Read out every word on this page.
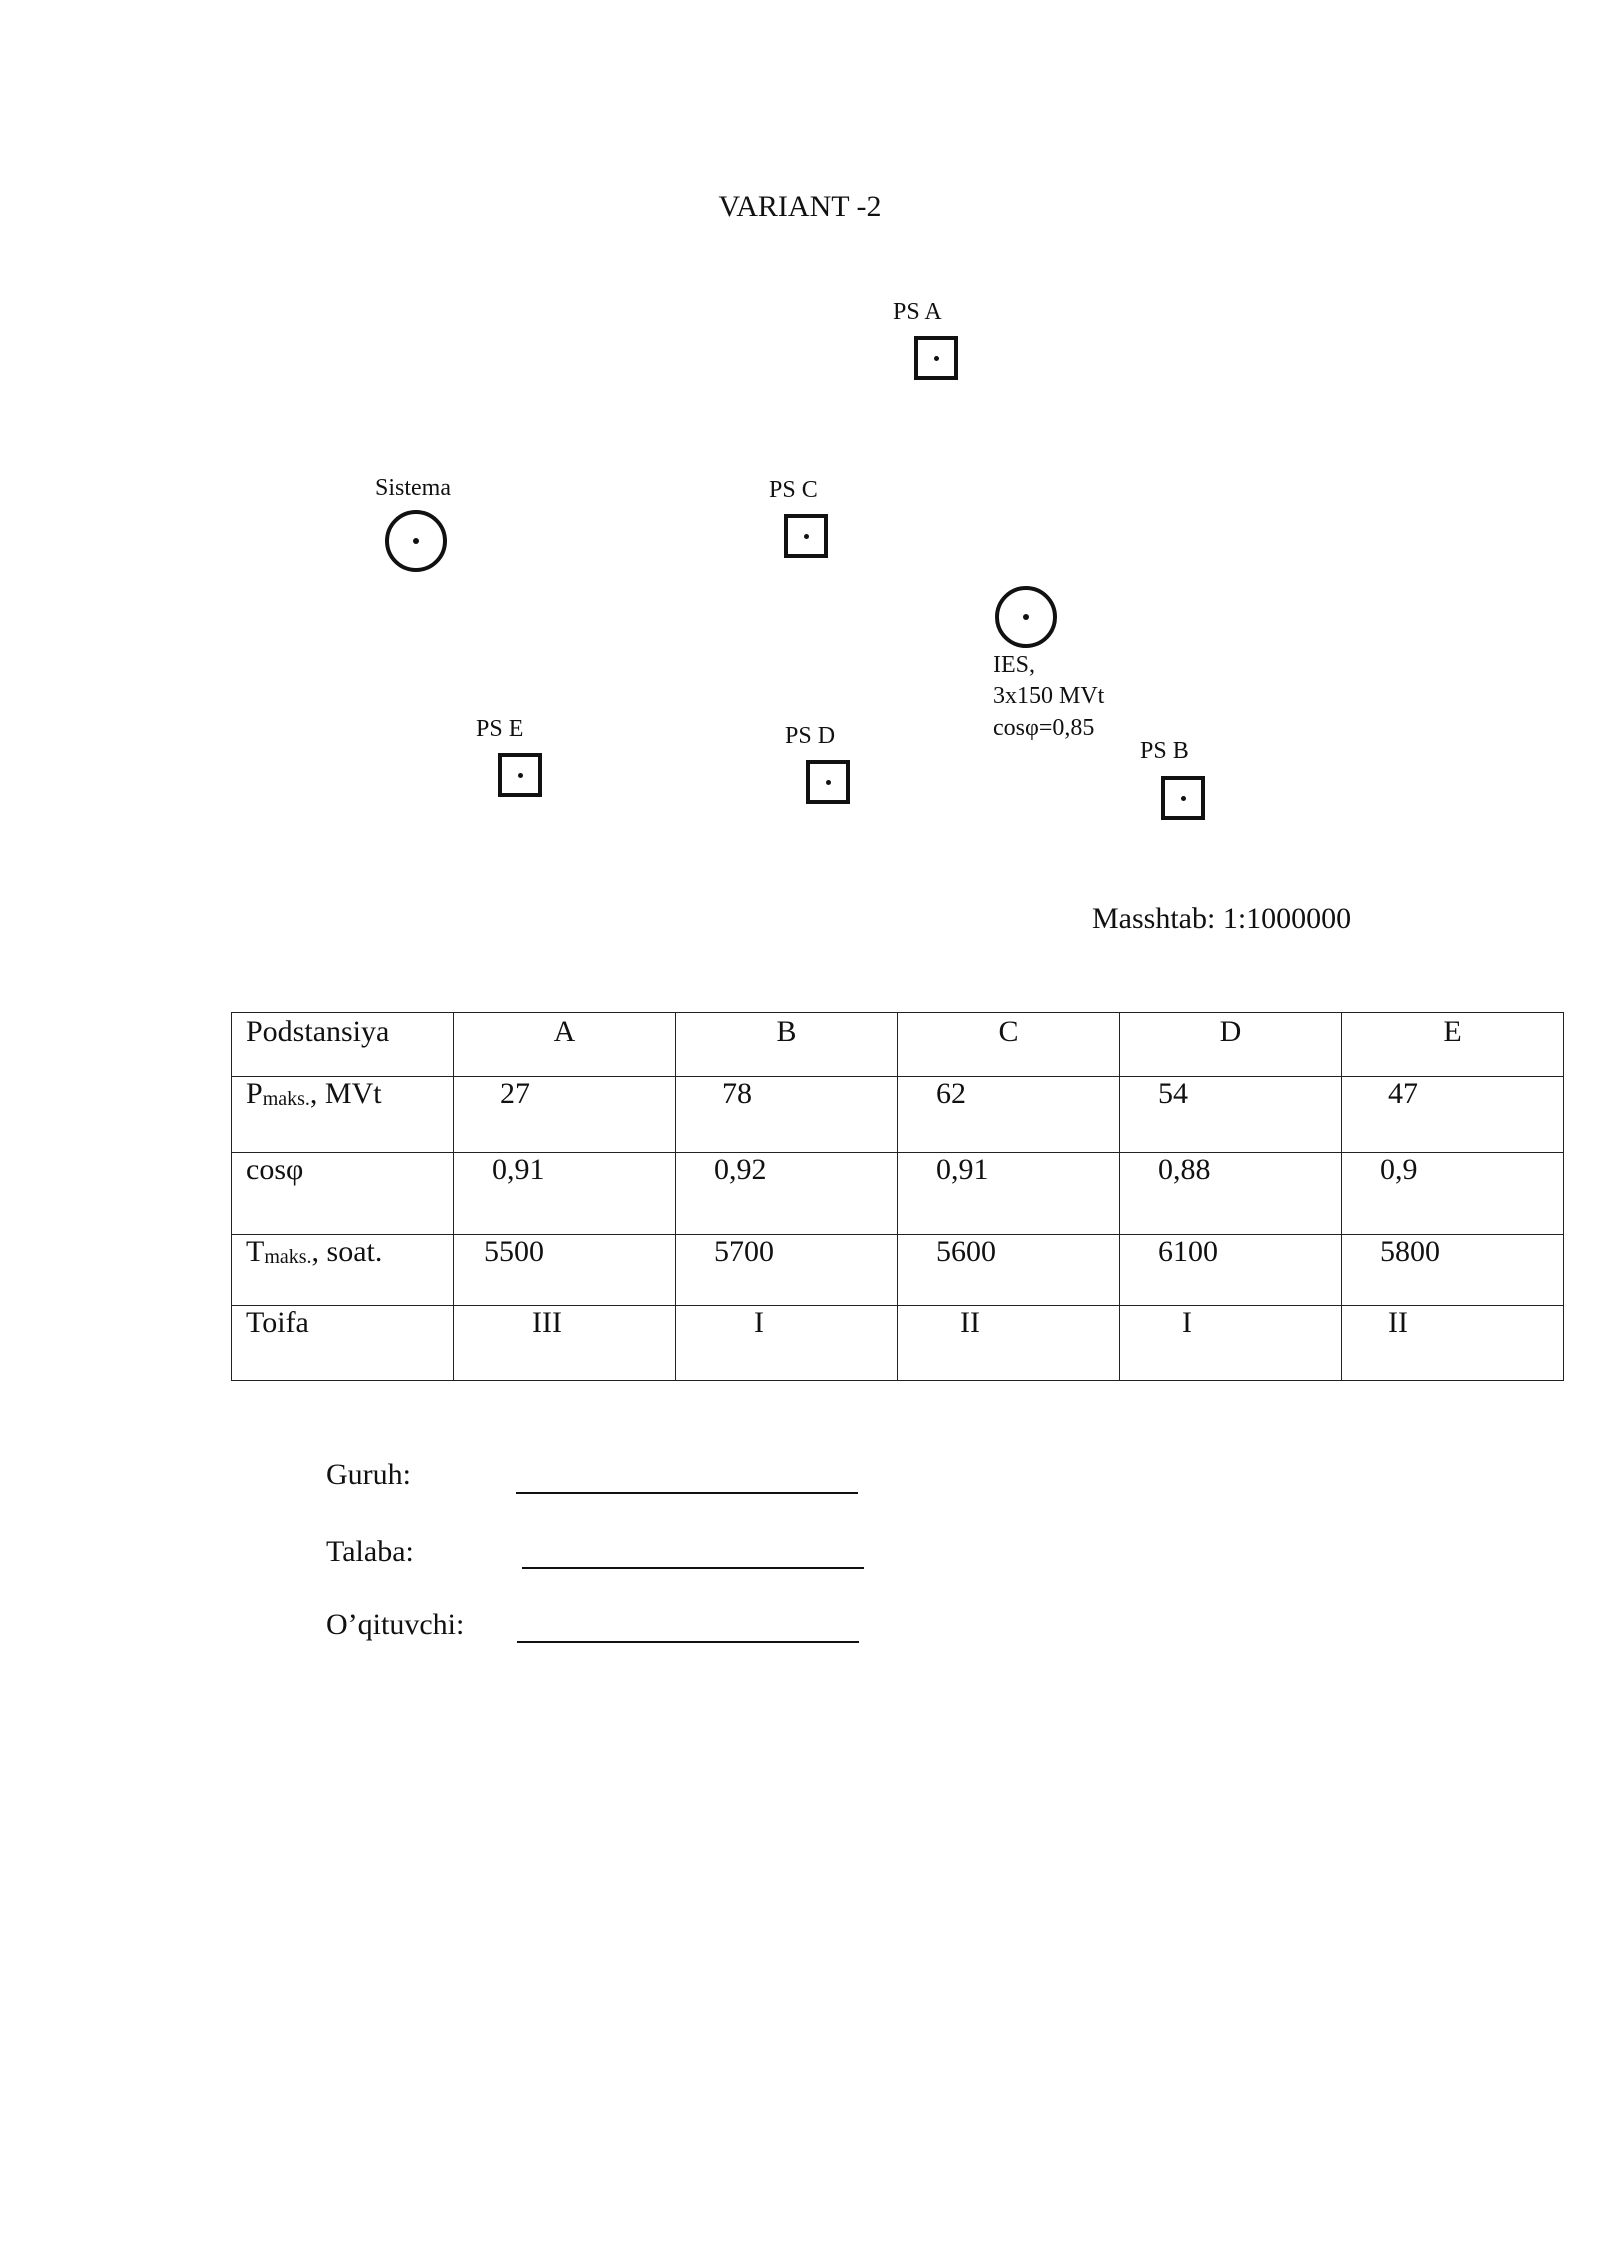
VARIANT -2
PS A
Sistema	PS C
IES,
3x150 MVt
cosφ=0,85
PS E	PS D
PS B
Masshtab: 1:1000000
Podstansiya	A	B	C	D	E
$P_{maks.}$, MVt	27	78	62	54	47
cosφ	0,91	0,92	0,91	0,88	0,9
$T_{maks.}$, soat.	5500	5700	5600	6100	5800
Toifa	III	I	II	I	II
Guruh:
Talaba:
O’qituvchi:
